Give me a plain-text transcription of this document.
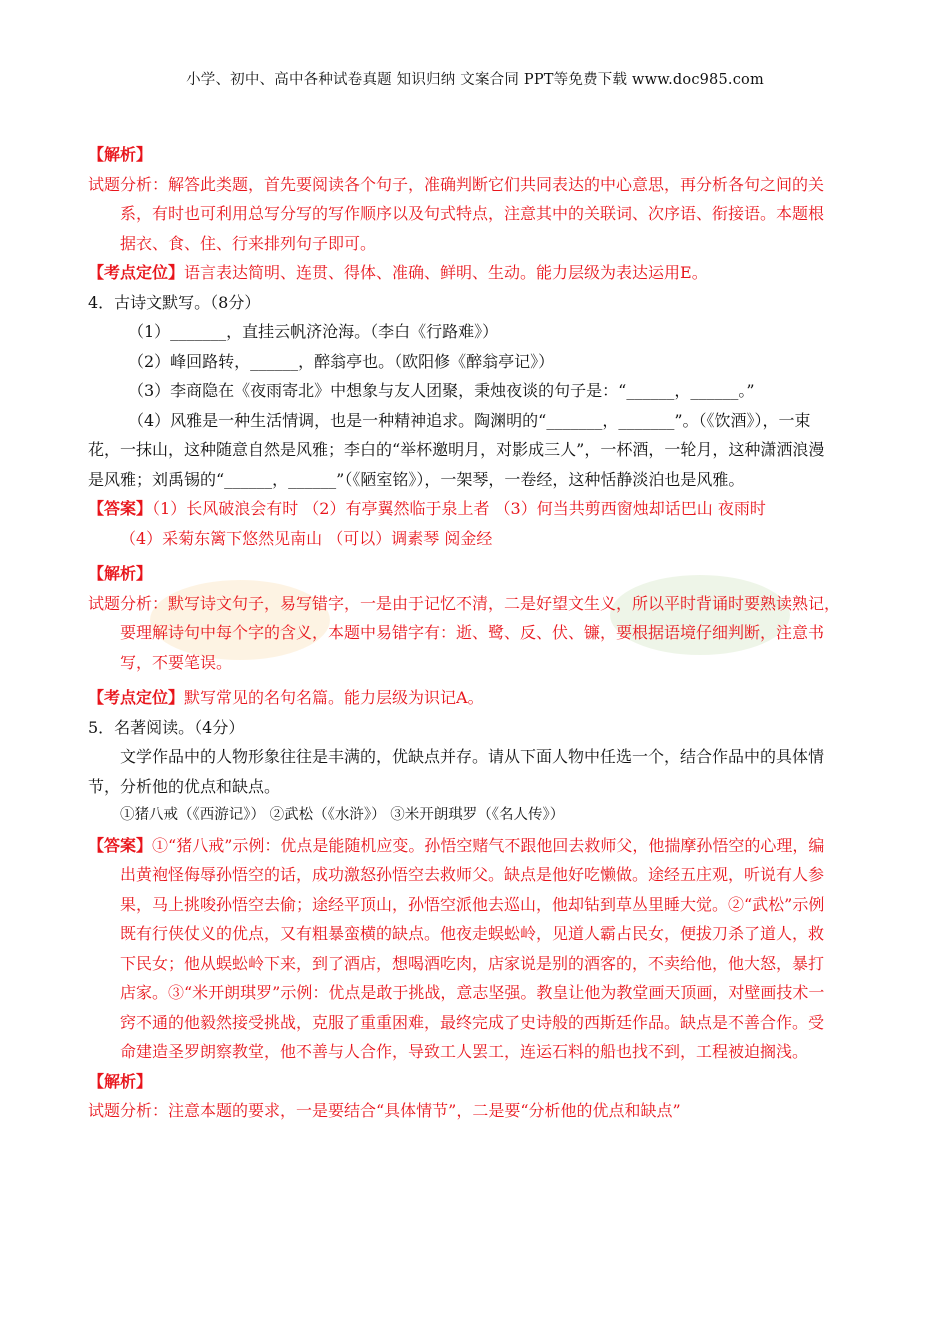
小学、初中、高中各种试卷真题 知识归纳 文案合同 PPT等免费下载 www.doc985.com
【解析】
试题分析：解答此类题，首先要阅读各个句子，准确判断它们共同表达的中心意思，再分析各句之间的关
系，有时也可利用总写分写的写作顺序以及句式特点，注意其中的关联词、次序语、衔接语。本题根
据衣、食、住、行来排列句子即可。
【考点定位】语言表达简明、连贯、得体、准确、鲜明、生动。能力层级为表达运用E。
4．古诗文默写。（8分）
（1）_______，直挂云帆济沧海。（李白《行路难》）
（2）峰回路转，______，醉翁亭也。（欧阳修《醉翁亭记》）
（3）李商隐在《夜雨寄北》中想象与友人团聚，秉烛夜谈的句子是：“______，______。”
（4）风雅是一种生活情调，也是一种精神追求。陶渊明的“_______，_______”。（《饮酒》），一束
花，一抹山，这种随意自然是风雅；李白的“举杯邀明月，对影成三人”，一杯酒，一轮月，这种潇洒浪漫
是风雅；刘禹锡的“______，______”（《陋室铭》），一架琴，一卷经，这种恬静淡泊也是风雅。
【答案】（1）长风破浪会有时 （2）有亭翼然临于泉上者 （3）何当共剪西窗烛却话巴山 夜雨时
（4）采菊东篱下悠然见南山 （可以）调素琴 阅金经
【解析】
试题分析：默写诗文句子，易写错字，一是由于记忆不清，二是好望文生义，所以平时背诵时要熟读熟记，
要理解诗句中每个字的含义，本题中易错字有：逝、鹭、反、伏、镰，要根据语境仔细判断，注意书
写，不要笔误。
【考点定位】默写常见的名句名篇。能力层级为识记A。
5．名著阅读。（4分）
文学作品中的人物形象往往是丰满的，优缺点并存。请从下面人物中任选一个，结合作品中的具体情
节，分析他的优点和缺点。
①猪八戒（《西游记》） ②武松（《水浒》） ③米开朗琪罗（《名人传》）
【答案】①“猪八戒”示例：优点是能随机应变。孙悟空赌气不跟他回去救师父，他揣摩孙悟空的心理，编
出黄袍怪侮辱孙悟空的话，成功激怒孙悟空去救师父。缺点是他好吃懒做。途经五庄观，听说有人参
果，马上挑唆孙悟空去偷；途经平顶山，孙悟空派他去巡山，他却钻到草丛里睡大觉。②“武松”示例
既有行侠仗义的优点，又有粗暴蛮横的缺点。他夜走蜈蚣岭，见道人霸占民女，便拔刀杀了道人，救
下民女；他从蜈蚣岭下来，到了酒店，想喝酒吃肉，店家说是别的酒客的，不卖给他，他大怒，暴打
店家。③“米开朗琪罗”示例：优点是敢于挑战，意志坚强。教皇让他为教堂画天顶画，对壁画技术一
窍不通的他毅然接受挑战，克服了重重困难，最终完成了史诗般的西斯廷作品。缺点是不善合作。受
命建造圣罗朗察教堂，他不善与人合作，导致工人罢工，连运石料的船也找不到，工程被迫搁浅。
【解析】
试题分析：注意本题的要求，一是要结合“具体情节”，二是要“分析他的优点和缺点”
